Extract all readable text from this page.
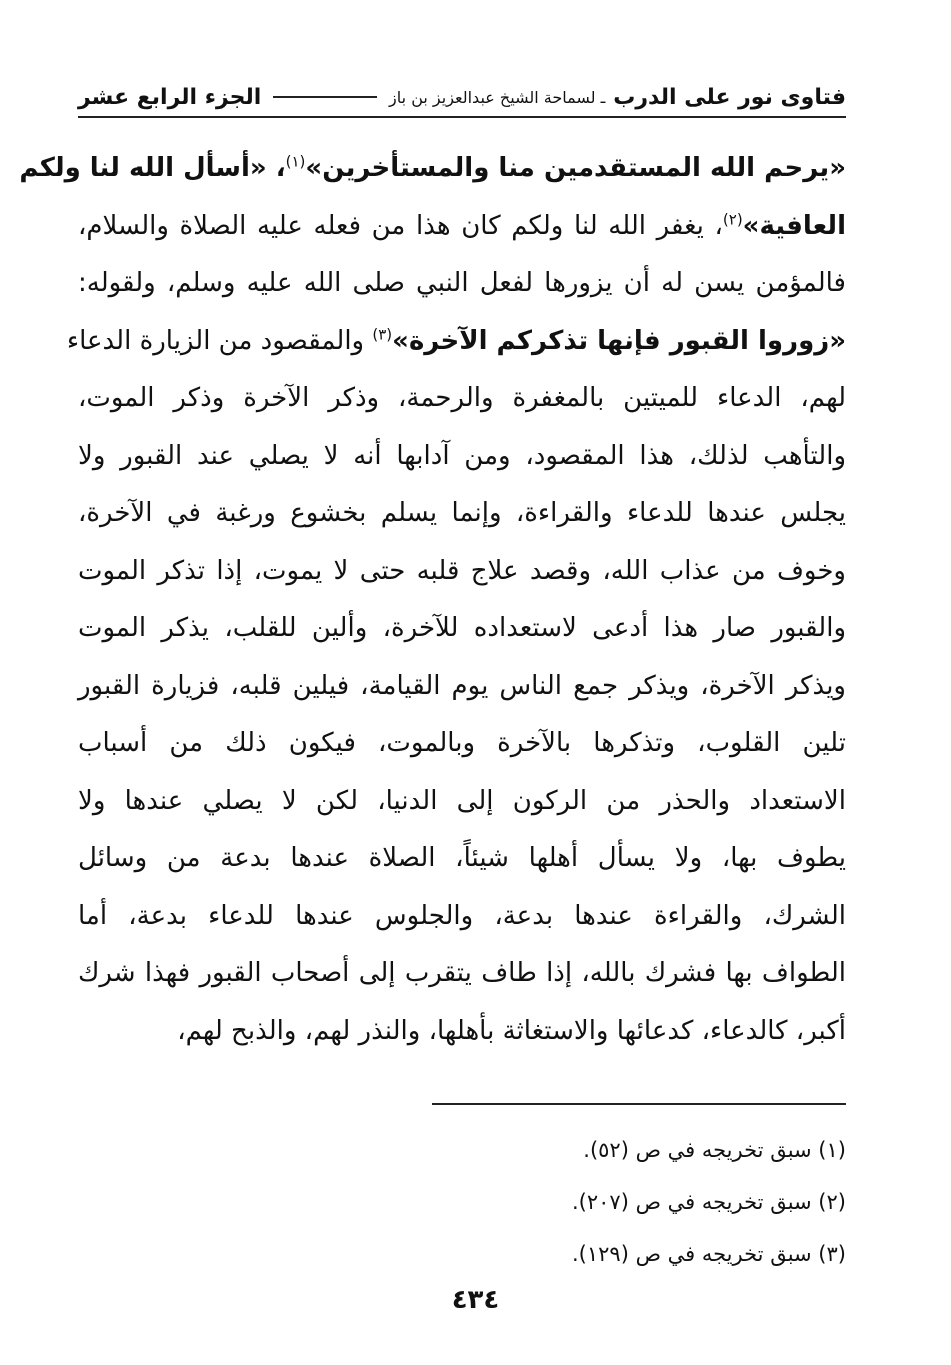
فتاوى نور على الدرب
ـ لسماحة الشيخ عبدالعزيز بن باز
الجزء الرابع عشر
«يرحم الله المستقدمين منا والمستأخرين»$^{(١)}$، «أسأل الله لنا ولكم
العافية»$^{(٢)}$، يغفر الله لنا ولكم كان هذا من فعله عليه الصلاة والسلام،
فالمؤمن يسن له أن يزورها لفعل النبي صلى الله عليه وسلم، ولقوله:
«زوروا القبور فإنها تذكركم الآخرة»$^{(٣)}$ والمقصود من الزيارة الدعاء
لهم، الدعاء للميتين بالمغفرة والرحمة، وذكر الآخرة وذكر الموت،
والتأهب لذلك، هذا المقصود، ومن آدابها أنه لا يصلي عند القبور ولا
يجلس عندها للدعاء والقراءة، وإنما يسلم بخشوع ورغبة في الآخرة،
وخوف من عذاب الله، وقصد علاج قلبه حتى لا يموت، إذا تذكر الموت
والقبور صار هذا أدعى لاستعداده للآخرة، وألين للقلب، يذكر الموت
ويذكر الآخرة، ويذكر جمع الناس يوم القيامة، فيلين قلبه، فزيارة القبور
تلين القلوب، وتذكرها بالآخرة وبالموت، فيكون ذلك من أسباب
الاستعداد والحذر من الركون إلى الدنيا، لكن لا يصلي عندها ولا
يطوف بها، ولا يسأل أهلها شيئاً، الصلاة عندها بدعة من وسائل
الشرك، والقراءة عندها بدعة، والجلوس عندها للدعاء بدعة، أما
الطواف بها فشرك بالله، إذا طاف يتقرب إلى أصحاب القبور فهذا شرك
أكبر، كالدعاء، كدعائها والاستغاثة بأهلها، والنذر لهم، والذبح لهم،
(١) سبق تخريجه في ص (٥٢).
(٢) سبق تخريجه في ص (٢٠٧).
(٣) سبق تخريجه في ص (١٢٩).
٤٣٤
